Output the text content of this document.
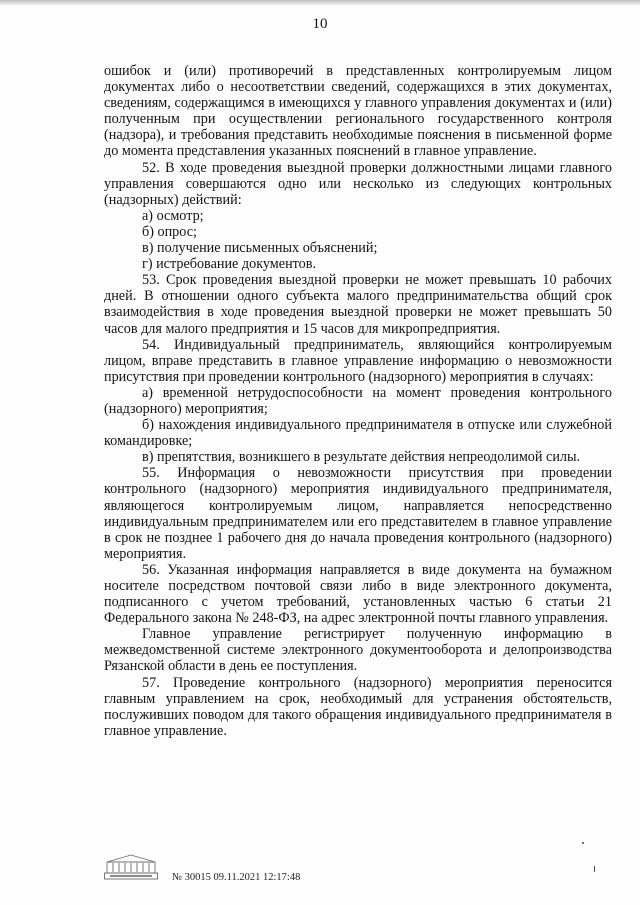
10

ошибок и (или) противоречий в представленных контролируемым лицом документах либо о несоответствии сведений, содержащихся в этих документах, сведениям, содержащимся в имеющихся у главного управления документах и (или) полученным при осуществлении регионального государственного контроля (надзора), и требования представить необходимые пояснения в письменной форме до момента представления указанных пояснений в главное управление.

52. В ходе проведения выездной проверки должностными лицами главного управления совершаются одно или несколько из следующих контрольных (надзорных) действий:

а) осмотр;

б) опрос;

в) получение письменных объяснений;

г) истребование документов.

53. Срок проведения выездной проверки не может превышать 10 рабочих дней. В отношении одного субъекта малого предпринимательства общий срок взаимодействия в ходе проведения выездной проверки не может превышать 50 часов для малого предприятия и 15 часов для микропредприятия.

54. Индивидуальный предприниматель, являющийся контролируемым лицом, вправе представить в главное управление информацию о невозможности присутствия при проведении контрольного (надзорного) мероприятия в случаях:

а) временной нетрудоспособности на момент проведения контрольного (надзорного) мероприятия;

б) нахождения индивидуального предпринимателя в отпуске или служебной командировке;

в) препятствия, возникшего в результате действия непреодолимой силы.

55. Информация о невозможности присутствия при проведении контрольного (надзорного) мероприятия индивидуального предпринимателя, являющегося контролируемым лицом, направляется непосредственно индивидуальным предпринимателем или его представителем в главное управление в срок не позднее 1 рабочего дня до начала проведения контрольного (надзорного) мероприятия.

56. Указанная информация направляется в виде документа на бумажном носителе посредством почтовой связи либо в виде электронного документа, подписанного с учетом требований, установленных частью 6 статьи 21 Федерального закона № 248-ФЗ, на адрес электронной почты главного управления.

Главное управление регистрирует полученную информацию в межведомственной системе электронного документооборота и делопроизводства Рязанской области в день ее поступления.

57. Проведение контрольного (надзорного) мероприятия переносится главным управлением на срок, необходимый для устранения обстоятельств, послуживших поводом для такого обращения индивидуального предпринимателя в главное управление.

№ 30015 09.11.2021 12:17:48
